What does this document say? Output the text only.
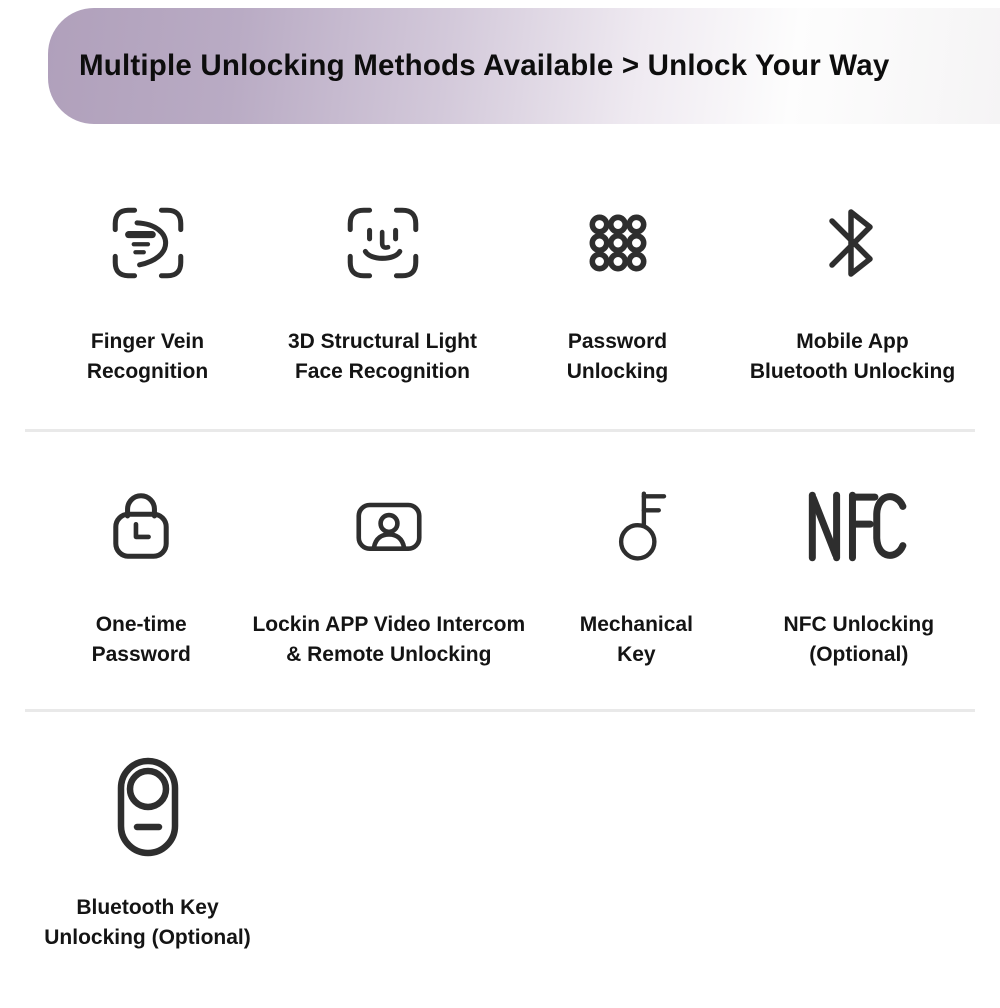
Multiple Unlocking Methods Available > Unlock Your Way
Finger Vein
Recognition
3D Structural Light
Face Recognition
Password
Unlocking
Mobile App
Bluetooth Unlocking
One-time
Password
Lockin APP Video Intercom
& Remote Unlocking
Mechanical
Key
NFC Unlocking
(Optional)
Bluetooth Key
Unlocking (Optional)
